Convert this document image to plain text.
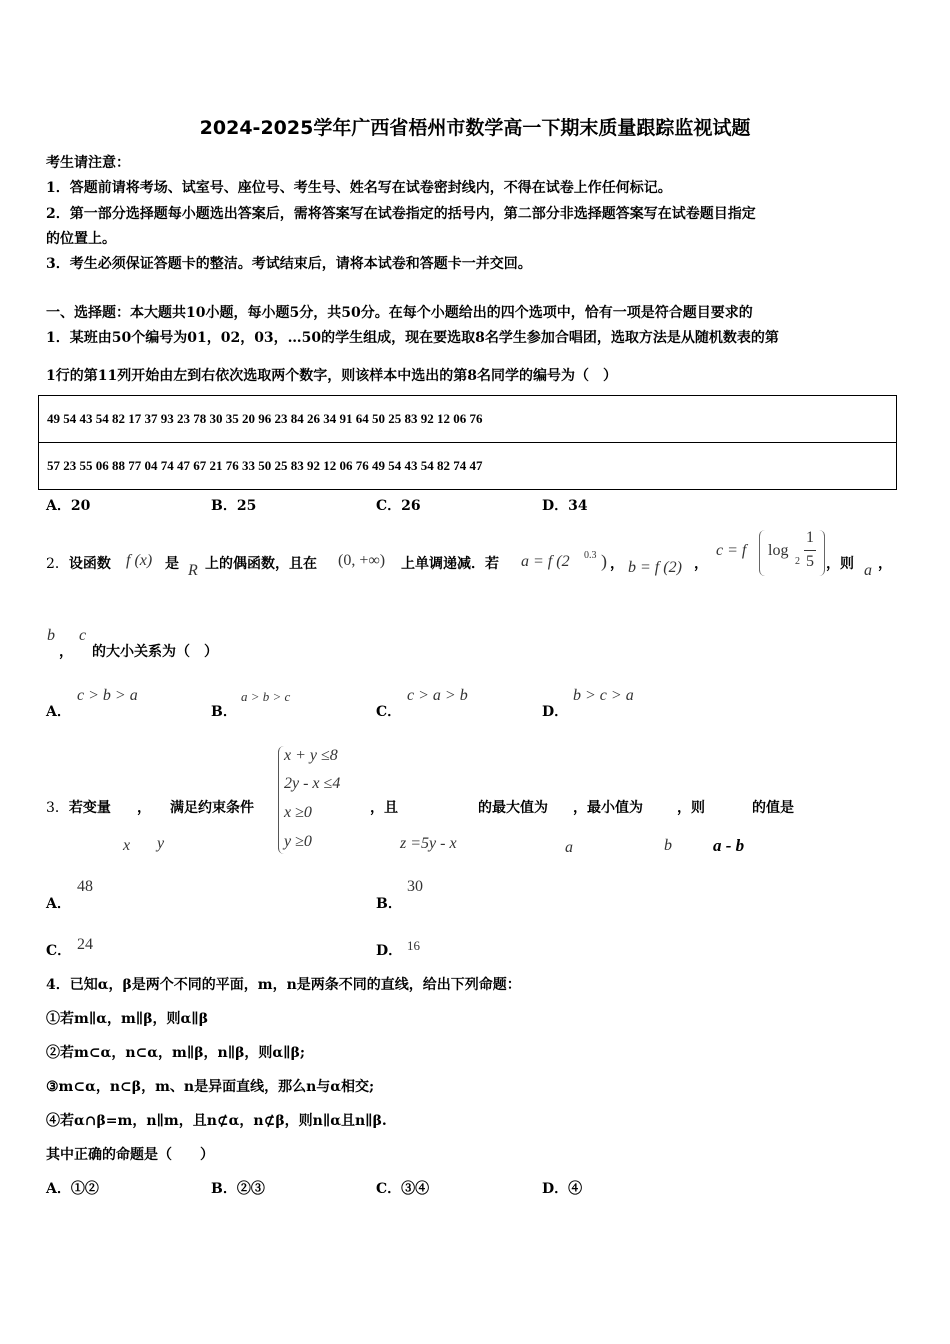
2024-2025学年广西省梧州市数学高一下期末质量跟踪监视试题
考生请注意：
1．答题前请将考场、试室号、座位号、考生号、姓名写在试卷密封线内，不得在试卷上作任何标记。
2．第一部分选择题每小题选出答案后，需将答案写在试卷指定的括号内，第二部分非选择题答案写在试卷题目指定
的位置上。
3．考生必须保证答题卡的整洁。考试结束后，请将本试卷和答题卡一并交回。
一、选择题：本大题共10小题，每小题5分，共50分。在每个小题给出的四个选项中，恰有一项是符合题目要求的
1．某班由50个编号为01，02，03，…50的学生组成，现在要选取8名学生参加合唱团，选取方法是从随机数表的第
1行的第11列开始由左到右依次选取两个数字，则该样本中选出的第8名同学的编号为（　）
49 54 43 54 82 17 37 93 23 78 30 35 20 96 23 84 26 34 91 64 50 25 83 92 12 06 76
57 23 55 06 88 77 04 74 47 67 21 76 33 50 25 83 92 12 06 76 49 54 43 54 82 74 47
A．20	B．25	C．26	D．34
2．设函数 f (x) 是 R 上的偶函数，且在 (0, +∞) 上单调递减．若 a = f (2 0.3 ) ， b = f (2) ，
c = f log
2
1
5 ，则 a ，
b
，
c
的大小关系为（　）
A．
c > b > a
B．
a > b > c
C．
c > a > b
D．
b > c > a
3．若变量 ， 满足约束条件
x + y ≤8
2y - x ≤4
x ≥0
y ≥0
，且	的最大值为 ，最小值为 ，则	的值是
x y	z =5y - x	a	b a - b
A．
48
B．
30
C． 24	D． 16
4．已知α，β是两个不同的平面，m，n是两条不同的直线，给出下列命题：
①若m∥α，m∥β，则α∥β
②若m⊂α，n⊂α，m∥β，n∥β，则α∥β;
③m⊂α，n⊂β，m、n是异面直线，那么n与α相交;
④若α∩β=m，n∥m，且n⊄α，n⊄β，则n∥α且n∥β.
其中正确的命题是（　　）
A．①②	B．②③	C．③④	D．④
